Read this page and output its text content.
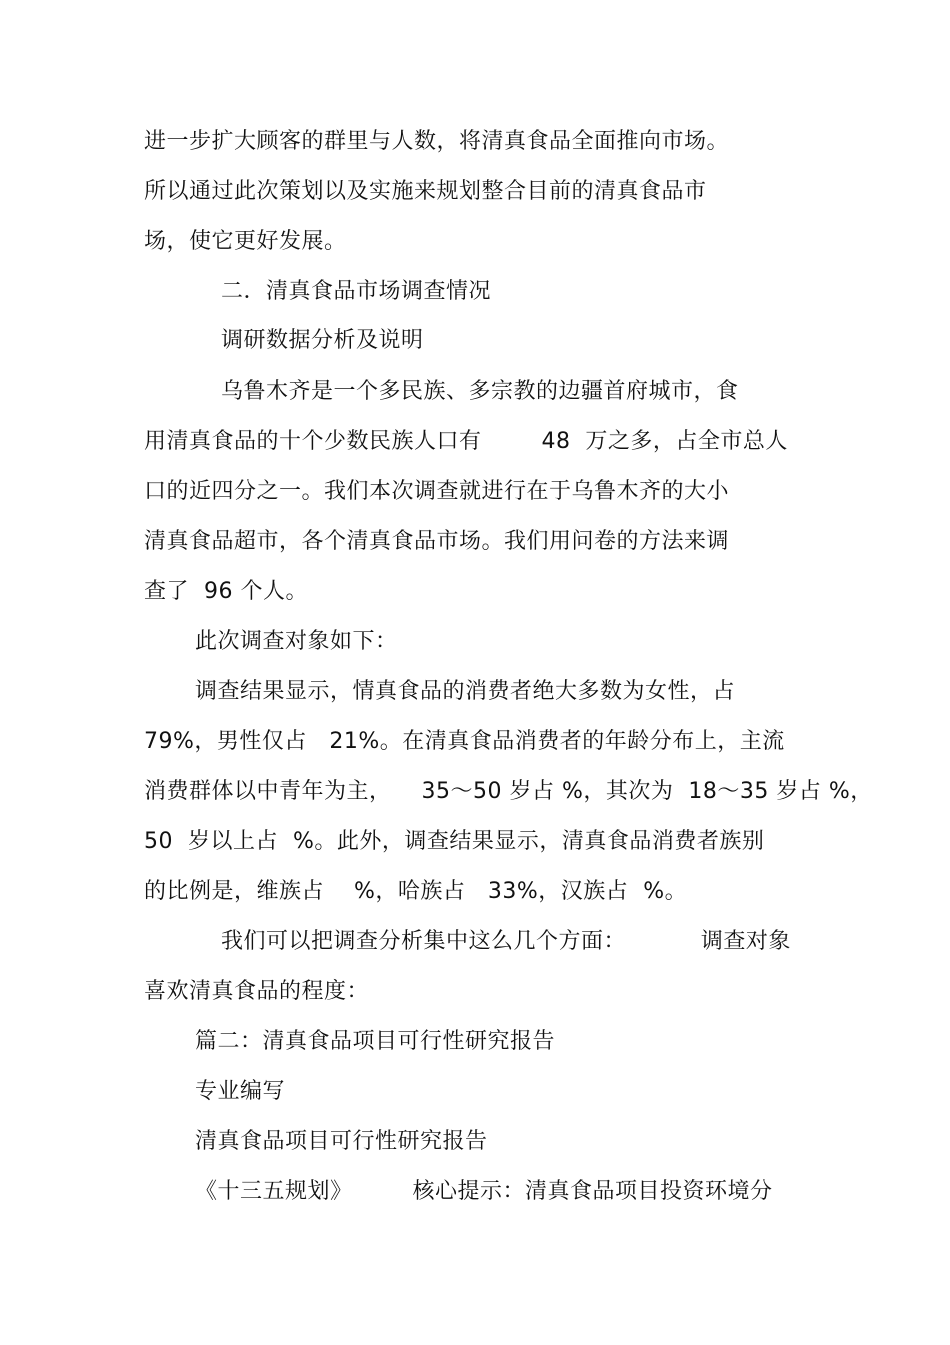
进一步扩大顾客的群里与人数，将清真食品全面推向市场。
所以通过此次策划以及实施来规划整合目前的清真食品市
场，使它更好发展。
二．清真食品市场调查情况
调研数据分析及说明
乌鲁木齐是一个多民族、多宗教的边疆首府城市，食
用清真食品的十个少数民族人口有        48  万之多，占全市总人
口的近四分之一。我们本次调查就进行在于乌鲁木齐的大小
清真食品超市，各个清真食品市场。我们用问卷的方法来调
查了  96 个人。
此次调查对象如下：
调查结果显示，情真食品的消费者绝大多数为女性，占
79%，男性仅占   21%。在清真食品消费者的年龄分布上，主流
消费群体以中青年为主，    35～50 岁占 %，其次为  18～35 岁占 %，
50  岁以上占  %。此外，调查结果显示，清真食品消费者族别
的比例是，维族占    %，哈族占   33%，汉族占  %。
我们可以把调查分析集中这么几个方面：          调查对象
喜欢清真食品的程度：
篇二：清真食品项目可行性研究报告
专业编写
清真食品项目可行性研究报告
《十三五规划》        核心提示：清真食品项目投资环境分
